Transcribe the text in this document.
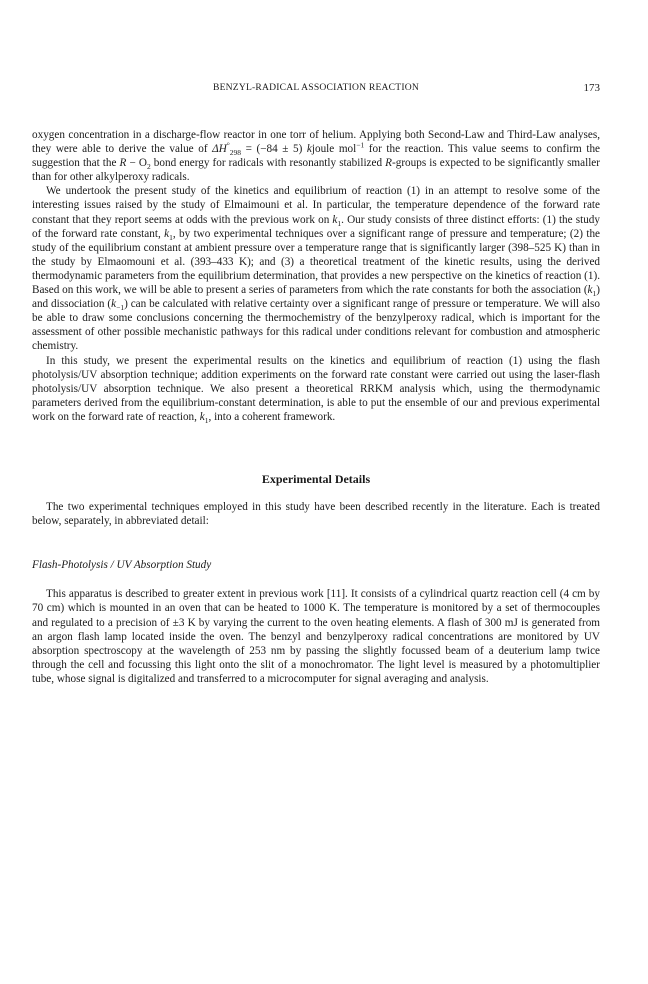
BENZYL-RADICAL ASSOCIATION REACTION	173

oxygen concentration in a discharge-flow reactor in one torr of helium. Applying both Second-Law and Third-Law analyses, they were able to derive the value of $\Delta H^\circ_{298} = (-84 \pm 5)$ kjoule mol$^{-1}$ for the reaction. This value seems to confirm the suggestion that the $R - O_2$ bond energy for radicals with resonantly stabilized R-groups is expected to be significantly smaller than for other alkylperoxy radicals.

We undertook the present study of the kinetics and equilibrium of reaction (1) in an attempt to resolve some of the interesting issues raised by the study of Elmaimouni et al. In particular, the temperature dependence of the forward rate constant that they report seems at odds with the previous work on $k_1$. Our study consists of three distinct efforts: (1) the study of the forward rate constant, $k_1$, by two experimental techniques over a significant range of pressure and temperature; (2) the study of the equilibrium constant at ambient pressure over a temperature range that is significantly larger (398–525 K) than in the study by Elmaomouni et al. (393–433 K); and (3) a theoretical treatment of the kinetic results, using the derived thermodynamic parameters from the equilibrium determination, that provides a new perspective on the kinetics of reaction (1). Based on this work, we will be able to present a series of parameters from which the rate constants for both the association $(k_1)$ and dissociation $(k_{-1})$ can be calculated with relative certainty over a significant range of pressure or temperature. We will also be able to draw some conclusions concerning the thermochemistry of the benzylperoxy radical, which is important for the assessment of other possible mechanistic pathways for this radical under conditions relevant for combustion and atmospheric chemistry.

In this study, we present the experimental results on the kinetics and equilibrium of reaction (1) using the flash photolysis/UV absorption technique; addition experiments on the forward rate constant were carried out using the laser-flash photolysis/UV absorption technique. We also present a theoretical RRKM analysis which, using the thermodynamic parameters derived from the equilibrium-constant determination, is able to put the ensemble of our and previous experimental work on the forward rate of reaction, $k_1$, into a coherent framework.

Experimental Details

The two experimental techniques employed in this study have been described recently in the literature. Each is treated below, separately, in abbreviated detail:

Flash-Photolysis / UV Absorption Study

This apparatus is described to greater extent in previous work [11]. It consists of a cylindrical quartz reaction cell (4 cm by 70 cm) which is mounted in an oven that can be heated to 1000 K. The temperature is monitored by a set of thermocouples and regulated to a precision of ±3 K by varying the current to the oven heating elements. A flash of 300 mJ is generated from an argon flash lamp located inside the oven. The benzyl and benzylperoxy radical concentrations are monitored by UV absorption spectroscopy at the wavelength of 253 nm by passing the slightly focussed beam of a deuterium lamp twice through the cell and focussing this light onto the slit of a monochromator. The light level is measured by a photomultiplier tube, whose signal is digitalized and transferred to a microcomputer for signal averaging and analysis.
